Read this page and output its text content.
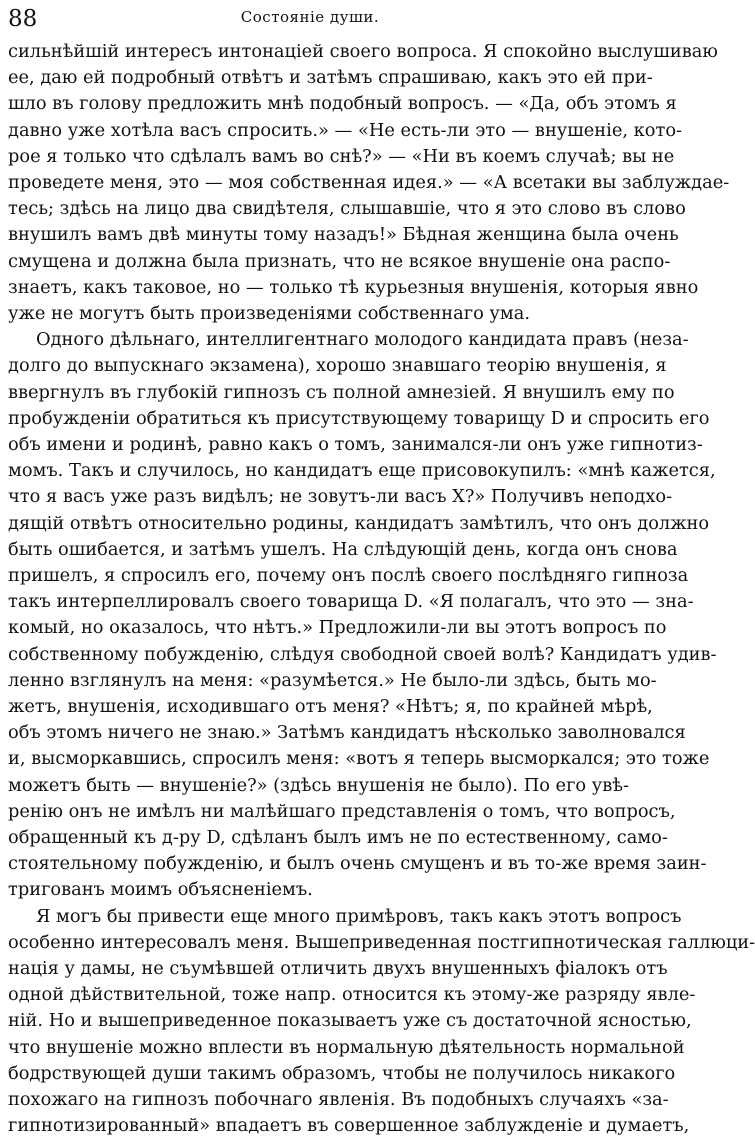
88	Состоянiе души.
сильнѣйшiй интересъ интонацiей своего вопроса. Я спокойно выслушиваю
ее, даю ей подробный отвѣтъ и затѣмъ спрашиваю, какъ это ей при-
шло въ голову предложить мнѣ подобный вопросъ. — «Да, объ этомъ я
давно уже хотѣла васъ спросить.» — «Не есть-ли это — внушенiе, кото-
рое я только что сдѣлалъ вамъ во снѣ?» — «Ни въ коемъ случаѣ; вы не
проведете меня, это — моя собственная идея.» — «А всетаки вы заблуждае-
тесь; здѣсь на лицо два свидѣтеля, слышавшiе, что я это слово въ слово
внушилъ вамъ двѣ минуты тому назадъ!» Бѣдная женщина была очень
смущена и должна была признать, что не всякое внушенiе она распо-
знаетъ, какъ таковое, но — только тѣ курьезныя внушенiя, которыя явно
уже не могутъ быть произведенiями собственнаго ума.
Одного дѣльнаго, интеллигентнаго молодого кандидата правъ (неза-
долго до выпускнаго экзамена), хорошо знавшаго теорiю внушенiя, я
ввергнулъ въ глубокiй гипнозъ съ полной амнезiей. Я внушилъ ему по
пробужденiи обратиться къ присутствующему товарищу D и спросить его
объ имени и родинѣ, равно какъ о томъ, занимался-ли онъ уже гипнотиз-
момъ. Такъ и случилось, но кандидатъ еще присовокупилъ: «мнѣ кажется,
что я васъ уже разъ видѣлъ; не зовутъ-ли васъ Х?» Получивъ неподхо-
дящiй отвѣтъ относительно родины, кандидатъ замѣтилъ, что онъ должно
быть ошибается, и затѣмъ ушелъ. На слѣдующiй день, когда онъ снова
пришелъ, я спросилъ его, почему онъ послѣ своего послѣдняго гипноза
такъ интерпеллировалъ своего товарища D. «Я полагалъ, что это — зна-
комый, но оказалось, что нѣтъ.» Предложили-ли вы этотъ вопросъ по
собственному побужденiю, слѣдуя свободной своей волѣ? Кандидатъ удив-
ленно взглянулъ на меня: «разумѣется.» Не было-ли здѣсь, быть мо-
жетъ, внушенiя, исходившаго отъ меня? «Нѣтъ; я, по крайней мѣрѣ,
объ этомъ ничего не знаю.» Затѣмъ кандидатъ нѣсколько заволновался
и, высморкавшись, спросилъ меня: «вотъ я теперь высморкался; это тоже
можетъ быть — внушенiе?» (здѣсь внушенiя не было). По его увѣ-
ренiю онъ не имѣлъ ни малѣйшаго представленiя о томъ, что вопросъ,
обращенный къ д-ру D, сдѣланъ былъ имъ не по естественному, само-
стоятельному побужденiю, и былъ очень смущенъ и въ то-же время заин-
тригованъ моимъ объясненiемъ.
Я могъ бы привести еще много примѣровъ, такъ какъ этотъ вопросъ
особенно интересовалъ меня. Вышеприведенная постгипнотическая галлюци-
нацiя у дамы, не съумѣвшей отличить двухъ внушенныхъ фiалокъ отъ
одной дѣйствительной, тоже напр. относится къ этому-же разряду явле-
нiй. Но и вышеприведенное показываетъ уже съ достаточной ясностью,
что внушенiе можно вплести въ нормальную дѣятельность нормальной
бодрствующей души такимъ образомъ, чтобы не получилось никакого
похожаго на гипнозъ побочнаго явленiя. Въ подобныхъ случаяхъ «за-
гипнотизированный» впадаетъ въ совершенное заблужденiе и думаетъ,
